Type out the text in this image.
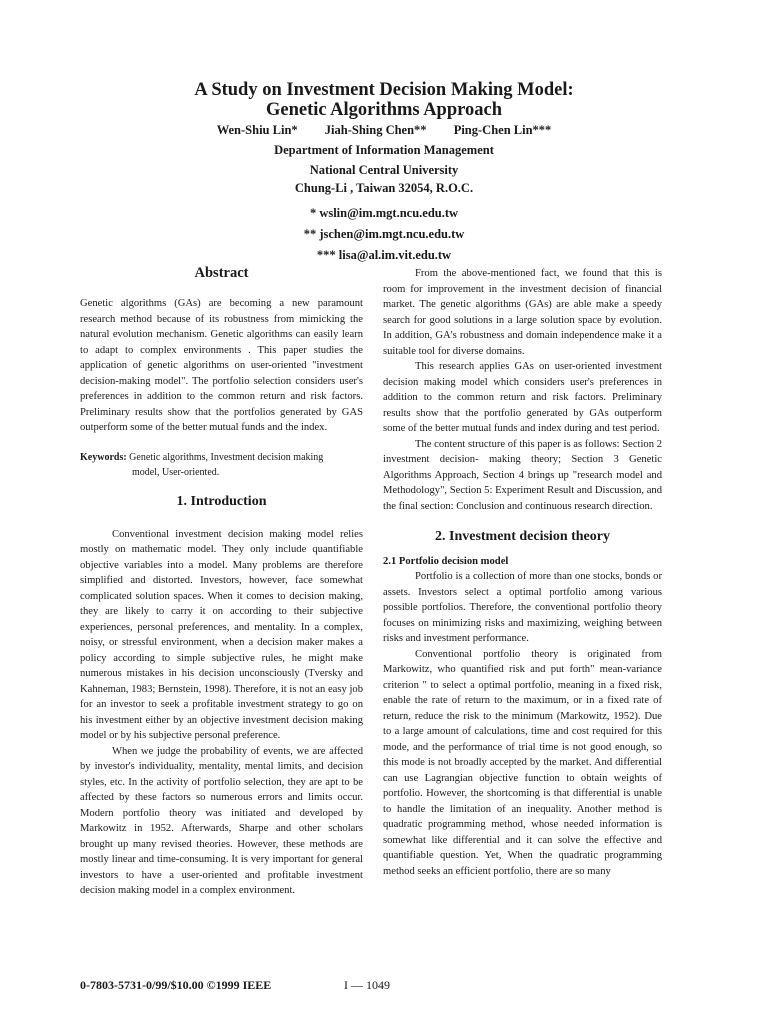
A Study on Investment Decision Making Model:
Genetic Algorithms Approach
Wen-Shiu Lin* Jiah-Shing Chen** Ping-Chen Lin***
Department of Information Management
National Central University
Chung-Li , Taiwan 32054, R.O.C.
* wslin@im.mgt.ncu.edu.tw
** jschen@im.mgt.ncu.edu.tw
*** lisa@al.im.vit.edu.tw
Abstract

Genetic algorithms (GAs) are becoming a new paramount research method because of its robustness from mimicking the natural evolution mechanism. Genetic algorithms can easily learn to adapt to complex environments . This paper studies the application of genetic algorithms on user-oriented "investment decision-making model". The portfolio selection considers user's preferences in addition to the common return and risk factors. Preliminary results show that the portfolios generated by GAS outperform some of the better mutual funds and the index.

Keywords: Genetic algorithms, Investment decision making
model, User-oriented.
1. Introduction

Conventional investment decision making model relies mostly on mathematic model. They only include quantifiable objective variables into a model. Many problems are therefore simplified and distorted. Investors, however, face somewhat complicated solution spaces. When it comes to decision making, they are likely to carry it on according to their subjective experiences, personal preferences, and mentality. In a complex, noisy, or stressful environment, when a decision maker makes a policy according to simple subjective rules, he might make numerous mistakes in his decision unconsciously (Tversky and Kahneman, 1983; Bernstein, 1998). Therefore, it is not an easy job for an investor to seek a profitable investment strategy to go on his investment either by an objective investment decision making model or by his subjective personal preference.

When we judge the probability of events, we are affected by investor's individuality, mentality, mental limits, and decision styles, etc. In the activity of portfolio selection, they are apt to be affected by these factors so numerous errors and limits occur. Modern portfolio theory was initiated and developed by Markowitz in 1952. Afterwards, Sharpe and other scholars brought up many revised theories. However, these methods are mostly linear and time-consuming. It is very important for general investors to have a user-oriented and profitable investment decision making model in a complex environment.

From the above-mentioned fact, we found that this is room for improvement in the investment decision of financial market. The genetic algorithms (GAs) are able make a speedy search for good solutions in a large solution space by evolution. In addition, GA's robustness and domain independence make it a suitable tool for diverse domains.

This research applies GAs on user-oriented investment decision making model which considers user's preferences in addition to the common return and risk factors. Preliminary results show that the portfolio generated by GAs outperform some of the better mutual funds and index during and test period.

The content structure of this paper is as follows: Section 2 investment decision- making theory; Section 3 Genetic Algorithms Approach, Section 4 brings up "research model and Methodology", Section 5: Experiment Result and Discussion, and the final section: Conclusion and continuous research direction.

2. Investment decision theory
2.1 Portfolio decision model

Portfolio is a collection of more than one stocks, bonds or assets. Investors select a optimal portfolio among various possible portfolios. Therefore, the conventional portfolio theory focuses on minimizing risks and maximizing, weighing between risks and investment performance.

Conventional portfolio theory is originated from Markowitz, who quantified risk and put forth" mean-variance criterion " to select a optimal portfolio, meaning in a fixed risk, enable the rate of return to the maximum, or in a fixed rate of return, reduce the risk to the minimum (Markowitz, 1952). Due to a large amount of calculations, time and cost required for this mode, and the performance of trial time is not good enough, so this mode is not broadly accepted by the market. And differential can use Lagrangian objective function to obtain weights of portfolio. However, the shortcoming is that differential is unable to handle the limitation of an inequality. Another method is quadratic programming method, whose needed information is somewhat like differential and it can solve the effective and quantifiable question. Yet, When the quadratic programming method seeks an efficient portfolio, there are so many

0-7803-5731-0/99/$10.00 ©1999 IEEE	I — 1049
